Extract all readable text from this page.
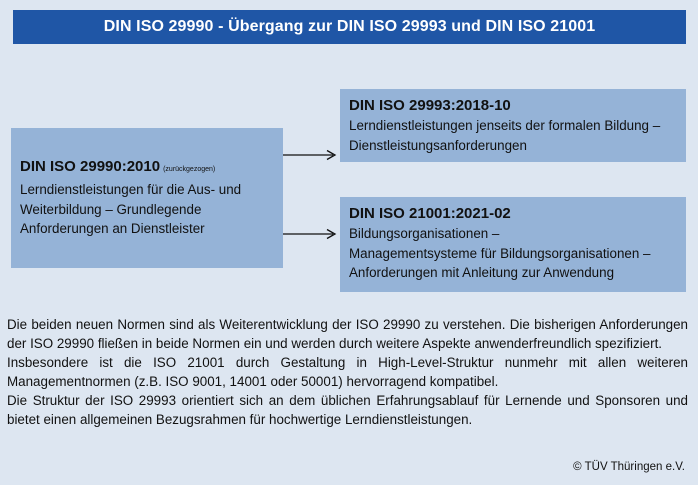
DIN ISO 29990 - Übergang zur DIN ISO 29993 und DIN ISO 21001
DIN ISO 29990:2010 (zurückgezogen)
Lerndienstleistungen für die Aus- und
Weiterbildung – Grundlegende
Anforderungen an Dienstleister
DIN ISO 29993:2018-10
Lerndienstleistungen jenseits der formalen Bildung –
Dienstleistungsanforderungen
DIN ISO 21001:2021-02
Bildungsorganisationen –
Managementsysteme für Bildungsorganisationen –
Anforderungen mit Anleitung zur Anwendung

Die beiden neuen Normen sind als Weiterentwicklung der ISO 29990 zu verstehen. Die bisherigen Anforderungen der ISO 29990 fließen in beide Normen ein und werden durch weitere Aspekte anwenderfreundlich spezifiziert.

Insbesondere ist die ISO 21001 durch Gestaltung in High-Level-Struktur nunmehr mit allen weiteren Managementnormen (z.B. ISO 9001, 14001 oder 50001) hervorragend kompatibel.

Die Struktur der ISO 29993 orientiert sich an dem üblichen Erfahrungsablauf für Lernende und Sponsoren und bietet einen allgemeinen Bezugsrahmen für hochwertige Lerndienstleistungen.

© TÜV Thüringen e.V.
